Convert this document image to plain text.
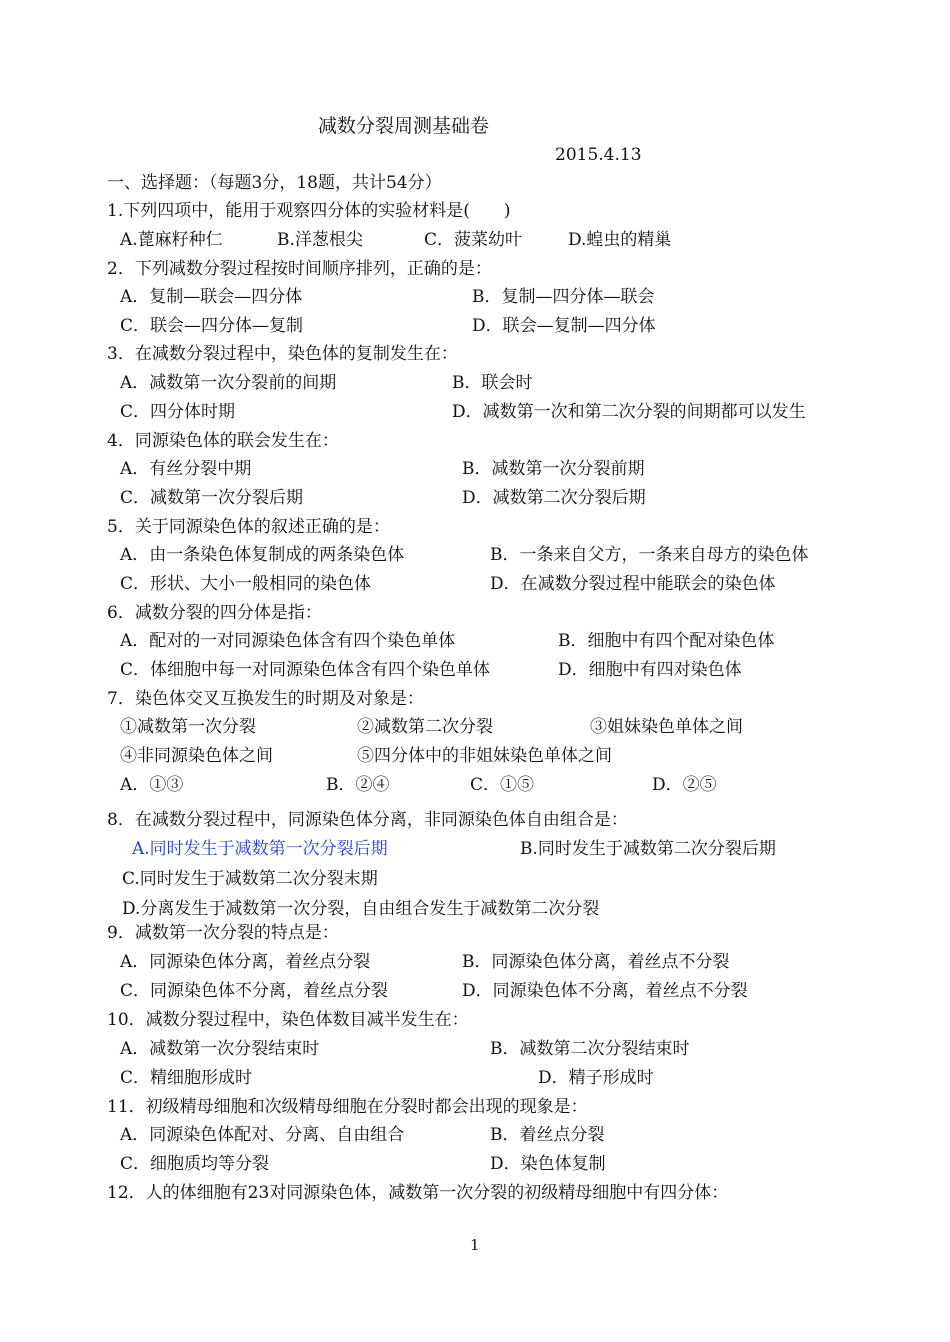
减数分裂周测基础卷
2015.4.13
一、选择题：（每题3分，18题，共计54分）
1.下列四项中，能用于观察四分体的实验材料是(　　)
A.蓖麻籽种仁	B.洋葱根尖	C．菠菜幼叶	D.蝗虫的精巢
2．下列减数分裂过程按时间顺序排列，正确的是：
A．复制—联会—四分体	B．复制—四分体—联会
C．联会—四分体—复制	D．联会—复制—四分体
3．在减数分裂过程中，染色体的复制发生在：
A．减数第一次分裂前的间期	B．联会时
C．四分体时期	D．减数第一次和第二次分裂的间期都可以发生
4．同源染色体的联会发生在：
A．有丝分裂中期	B．减数第一次分裂前期
C．减数第一次分裂后期	D．减数第二次分裂后期
5．关于同源染色体的叙述正确的是：
A．由一条染色体复制成的两条染色体	B．一条来自父方，一条来自母方的染色体
C．形状、大小一般相同的染色体	D．在减数分裂过程中能联会的染色体
6．减数分裂的四分体是指：
A．配对的一对同源染色体含有四个染色单体	B．细胞中有四个配对染色体
C．体细胞中每一对同源染色体含有四个染色单体	D．细胞中有四对染色体
7．染色体交叉互换发生的时期及对象是：
①减数第一次分裂	②减数第二次分裂	③姐妹染色单体之间
④非同源染色体之间	⑤四分体中的非姐妹染色单体之间
A．①③	B．②④	C．①⑤	D．②⑤
8．在减数分裂过程中，同源染色体分离，非同源染色体自由组合是：
A.同时发生于减数第一次分裂后期	B.同时发生于减数第二次分裂后期
C.同时发生于减数第二次分裂末期
D.分离发生于减数第一次分裂，自由组合发生于减数第二次分裂
9．减数第一次分裂的特点是：
A．同源染色体分离，着丝点分裂	B．同源染色体分离，着丝点不分裂
C．同源染色体不分离，着丝点分裂	D．同源染色体不分离，着丝点不分裂
10．减数分裂过程中，染色体数目减半发生在：
A．减数第一次分裂结束时	B．减数第二次分裂结束时
C．精细胞形成时	D．精子形成时
11．初级精母细胞和次级精母细胞在分裂时都会出现的现象是：
A．同源染色体配对、分离、自由组合	B．着丝点分裂
C．细胞质均等分裂	D．染色体复制
12．人的体细胞有23对同源染色体，减数第一次分裂的初级精母细胞中有四分体：
1
